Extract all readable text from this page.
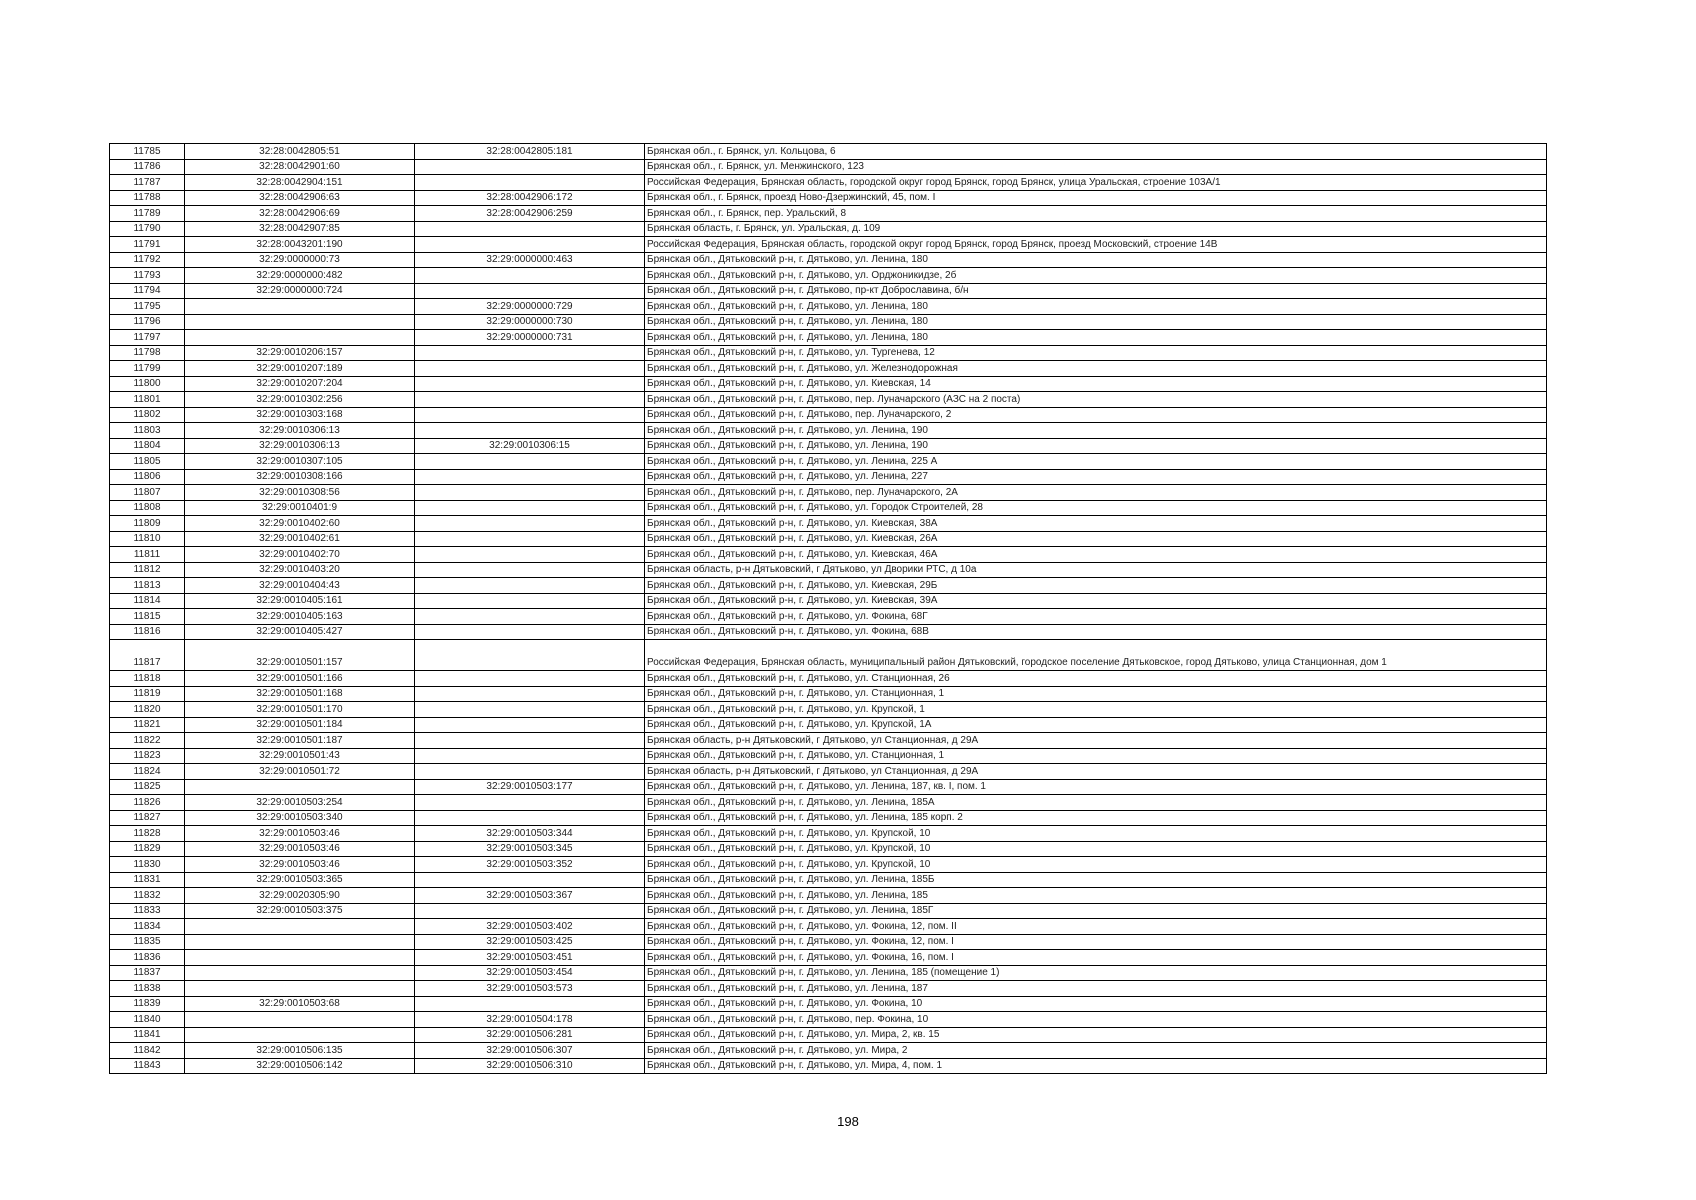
11785	32:28:0042805:51	32:28:0042805:181	Брянская обл., г. Брянск, ул. Кольцова, 6
11786	32:28:0042901:60		Брянская обл., г. Брянск, ул. Менжинского, 123
11787	32:28:0042904:151		Российская Федерация, Брянская область, городской округ город Брянск, город Брянск, улица Уральская, строение 103А/1
11788	32:28:0042906:63	32:28:0042906:172	Брянская обл., г. Брянск, проезд Ново-Дзержинский, 45, пом. I
11789	32:28:0042906:69	32:28:0042906:259	Брянская обл., г. Брянск, пер. Уральский, 8
11790	32:28:0042907:85		Брянская область, г. Брянск, ул. Уральская, д. 109
11791	32:28:0043201:190		Российская Федерация, Брянская область, городской округ город Брянск, город Брянск, проезд Московский, строение 14В
11792	32:29:0000000:73	32:29:0000000:463	Брянская обл., Дятьковский р-н, г. Дятьково, ул. Ленина, 180
11793	32:29:0000000:482		Брянская обл., Дятьковский р-н, г. Дятьково, ул. Орджоникидзе, 2б
11794	32:29:0000000:724		Брянская обл., Дятьковский р-н, г. Дятьково, пр-кт Доброславина, б/н
11795		32:29:0000000:729	Брянская обл., Дятьковский р-н, г. Дятьково, ул. Ленина, 180
11796		32:29:0000000:730	Брянская обл., Дятьковский р-н, г. Дятьково, ул. Ленина, 180
11797		32:29:0000000:731	Брянская обл., Дятьковский р-н, г. Дятьково, ул. Ленина, 180
11798	32:29:0010206:157		Брянская обл., Дятьковский р-н, г. Дятьково, ул. Тургенева, 12
11799	32:29:0010207:189		Брянская обл., Дятьковский р-н, г. Дятьково, ул. Железнодорожная
11800	32:29:0010207:204		Брянская обл., Дятьковский р-н, г. Дятьково, ул. Киевская, 14
11801	32:29:0010302:256		Брянская обл., Дятьковский р-н, г. Дятьково, пер. Луначарского (АЗС на 2 поста)
11802	32:29:0010303:168		Брянская обл., Дятьковский р-н, г. Дятьково, пер. Луначарского, 2
11803	32:29:0010306:13		Брянская обл., Дятьковский р-н, г. Дятьково, ул. Ленина, 190
11804	32:29:0010306:13	32:29:0010306:15	Брянская обл., Дятьковский р-н, г. Дятьково, ул. Ленина, 190
11805	32:29:0010307:105		Брянская обл., Дятьковский р-н, г. Дятьково, ул. Ленина, 225 А
11806	32:29:0010308:166		Брянская обл., Дятьковский р-н, г. Дятьково, ул. Ленина, 227
11807	32:29:0010308:56		Брянская обл., Дятьковский р-н, г. Дятьково, пер. Луначарского, 2А
11808	32:29:0010401:9		Брянская обл., Дятьковский р-н, г. Дятьково, ул. Городок Строителей, 28
11809	32:29:0010402:60		Брянская обл., Дятьковский р-н, г. Дятьково, ул. Киевская, 38А
11810	32:29:0010402:61		Брянская обл., Дятьковский р-н, г. Дятьково, ул. Киевская, 26А
11811	32:29:0010402:70		Брянская обл., Дятьковский р-н, г. Дятьково, ул. Киевская, 46А
11812	32:29:0010403:20		Брянская область, р-н Дятьковский, г Дятьково, ул Дворики РТС, д 10а
11813	32:29:0010404:43		Брянская обл., Дятьковский р-н, г. Дятьково, ул. Киевская, 29Б
11814	32:29:0010405:161		Брянская обл., Дятьковский р-н, г. Дятьково, ул. Киевская, 39А
11815	32:29:0010405:163		Брянская обл., Дятьковский р-н, г. Дятьково, ул. Фокина, 68Г
11816	32:29:0010405:427		Брянская обл., Дятьковский р-н, г. Дятьково, ул. Фокина, 68В
11817	32:29:0010501:157		Российская Федерация, Брянская область, муниципальный район Дятьковский, городское поселение Дятьковское, город Дятьково, улица Станционная, дом 1
11818	32:29:0010501:166		Брянская обл., Дятьковский р-н, г. Дятьково, ул. Станционная, 26
11819	32:29:0010501:168		Брянская обл., Дятьковский р-н, г. Дятьково, ул. Станционная, 1
11820	32:29:0010501:170		Брянская обл., Дятьковский р-н, г. Дятьково, ул. Крупской, 1
11821	32:29:0010501:184		Брянская обл., Дятьковский р-н, г. Дятьково, ул. Крупской, 1А
11822	32:29:0010501:187		Брянская область, р-н Дятьковский, г Дятьково, ул Станционная, д 29А
11823	32:29:0010501:43		Брянская обл., Дятьковский р-н, г. Дятьково, ул. Станционная, 1
11824	32:29:0010501:72		Брянская область, р-н Дятьковский, г Дятьково, ул Станционная, д 29А
11825		32:29:0010503:177	Брянская обл., Дятьковский р-н, г. Дятьково, ул. Ленина, 187, кв. I, пом. 1
11826	32:29:0010503:254		Брянская обл., Дятьковский р-н, г. Дятьково, ул. Ленина, 185А
11827	32:29:0010503:340		Брянская обл., Дятьковский р-н, г. Дятьково, ул. Ленина, 185 корп. 2
11828	32:29:0010503:46	32:29:0010503:344	Брянская обл., Дятьковский р-н, г. Дятьково, ул. Крупской, 10
11829	32:29:0010503:46	32:29:0010503:345	Брянская обл., Дятьковский р-н, г. Дятьково, ул. Крупской, 10
11830	32:29:0010503:46	32:29:0010503:352	Брянская обл., Дятьковский р-н, г. Дятьково, ул. Крупской, 10
11831	32:29:0010503:365		Брянская обл., Дятьковский р-н, г. Дятьково, ул. Ленина, 185Б
11832	32:29:0020305:90	32:29:0010503:367	Брянская обл., Дятьковский р-н, г. Дятьково, ул. Ленина, 185
11833	32:29:0010503:375		Брянская обл., Дятьковский р-н, г. Дятьково, ул. Ленина, 185Г
11834		32:29:0010503:402	Брянская обл., Дятьковский р-н, г. Дятьково, ул. Фокина, 12, пом. II
11835		32:29:0010503:425	Брянская обл., Дятьковский р-н, г. Дятьково, ул. Фокина, 12, пом. I
11836		32:29:0010503:451	Брянская обл., Дятьковский р-н, г. Дятьково, ул. Фокина, 16, пом. I
11837		32:29:0010503:454	Брянская обл., Дятьковский р-н, г. Дятьково, ул. Ленина, 185 (помещение 1)
11838		32:29:0010503:573	Брянская обл., Дятьковский р-н, г. Дятьково, ул. Ленина, 187
11839	32:29:0010503:68		Брянская обл., Дятьковский р-н, г. Дятьково, ул. Фокина, 10
11840		32:29:0010504:178	Брянская обл., Дятьковский р-н, г. Дятьково, пер. Фокина, 10
11841		32:29:0010506:281	Брянская обл., Дятьковский р-н, г. Дятьково, ул. Мира, 2, кв. 15
11842	32:29:0010506:135	32:29:0010506:307	Брянская обл., Дятьковский р-н, г. Дятьково, ул. Мира, 2
11843	32:29:0010506:142	32:29:0010506:310	Брянская обл., Дятьковский р-н, г. Дятьково, ул. Мира, 4, пом. 1
198
